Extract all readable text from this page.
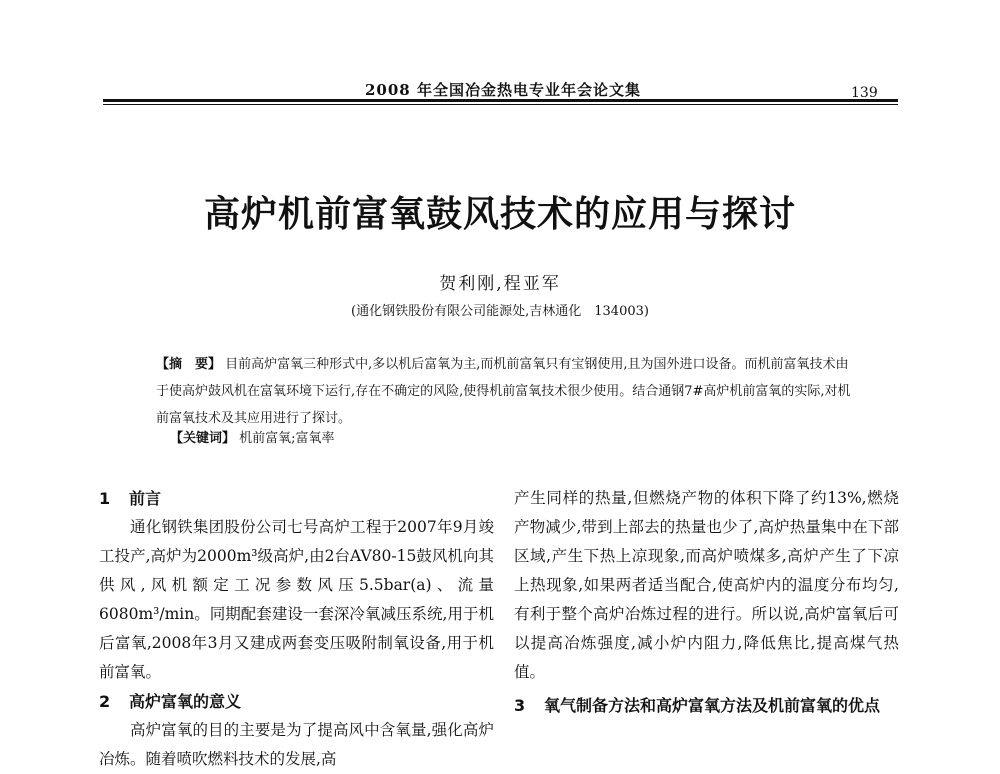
2008 年全国冶金热电专业年会论文集	139
高炉机前富氧鼓风技术的应用与探讨
贺利刚,程亚军
(通化钢铁股份有限公司能源处,吉林通化　134003)
【摘　要】 目前高炉富氧三种形式中,多以机后富氧为主,而机前富氧只有宝钢使用,且为国外进口设备。而机前富氧技术由于使高炉鼓风机在富氧环境下运行,存在不确定的风险,使得机前富氧技术很少使用。结合通钢7#高炉机前富氧的实际,对机前富氧技术及其应用进行了探讨。
【关键词】 机前富氧;富氧率

1 前言

通化钢铁集团股份公司七号高炉工程于2007年9月竣工投产,高炉为2000m³级高炉,由2台AV80-15鼓风机向其供风,风机额定工况参数风压5.5bar(a)、流量6080m³/min。同期配套建设一套深冷氧减压系统,用于机后富氧,2008年3月又建成两套变压吸附制氧设备,用于机前富氧。

2 高炉富氧的意义

高炉富氧的目的主要是为了提高风中含氧量,强化高炉冶炼。随着喷吹燃料技术的发展,高

产生同样的热量,但燃烧产物的体积下降了约13%,燃烧产物减少,带到上部去的热量也少了,高炉热量集中在下部区域,产生下热上凉现象,而高炉喷煤多,高炉产生了下凉上热现象,如果两者适当配合,使高炉内的温度分布均匀,有利于整个高炉冶炼过程的进行。所以说,高炉富氧后可以提高冶炼强度,减小炉内阻力,降低焦比,提高煤气热值。

3 氧气制备方法和高炉富氧方法及机前富氧的优点
